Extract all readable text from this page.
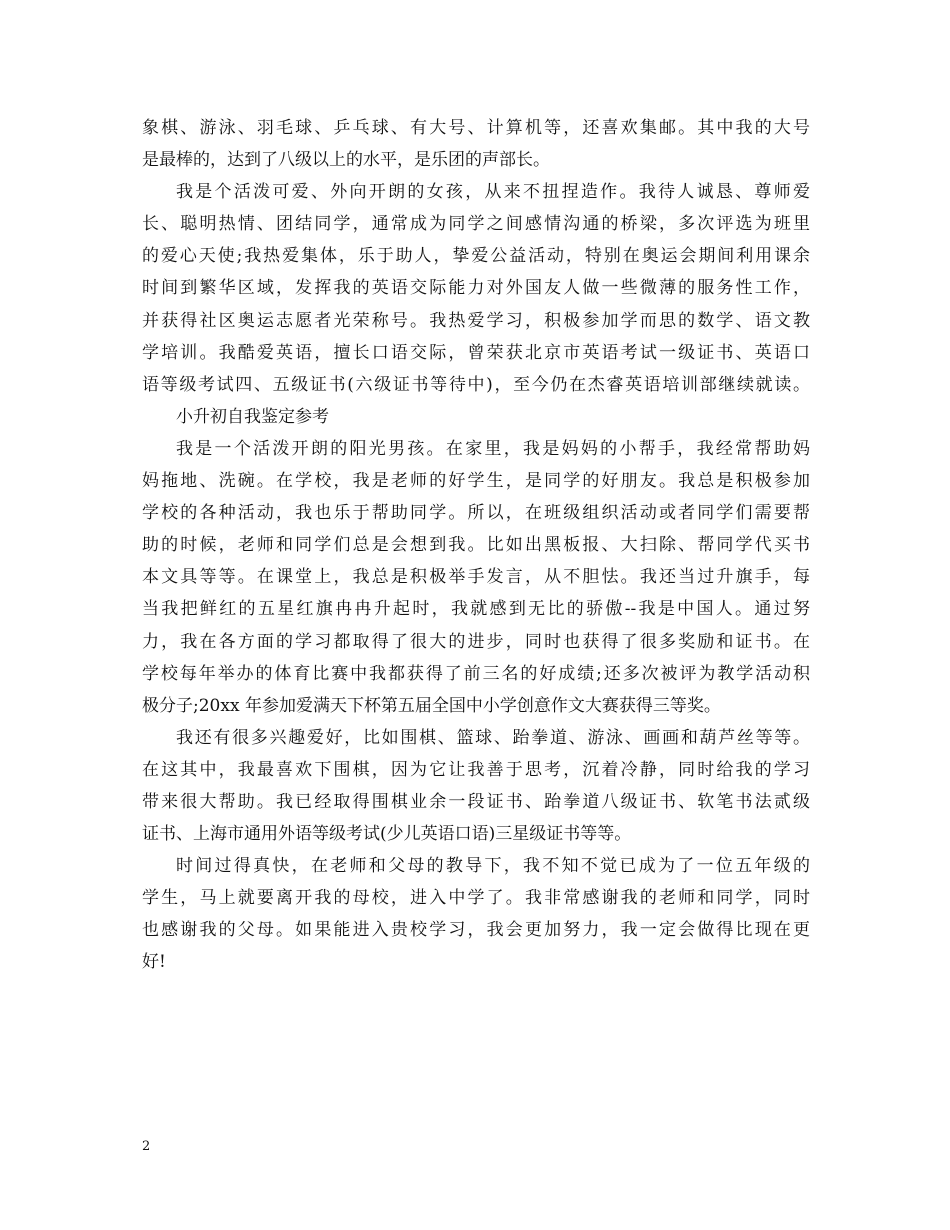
象棋、游泳、羽毛球、乒乓球、有大号、计算机等，还喜欢集邮。其中我的大号
是最棒的，达到了八级以上的水平，是乐团的声部长。
我是个活泼可爱、外向开朗的女孩，从来不扭捏造作。我待人诚恳、尊师爱
长、聪明热情、团结同学，通常成为同学之间感情沟通的桥梁，多次评选为班里
的爱心天使;我热爱集体，乐于助人，挚爱公益活动，特别在奥运会期间利用课余
时间到繁华区域，发挥我的英语交际能力对外国友人做一些微薄的服务性工作，
并获得社区奥运志愿者光荣称号。我热爱学习，积极参加学而思的数学、语文教
学培训。我酷爱英语，擅长口语交际，曾荣获北京市英语考试一级证书、英语口
语等级考试四、五级证书(六级证书等待中)，至今仍在杰睿英语培训部继续就读。
小升初自我鉴定参考
我是一个活泼开朗的阳光男孩。在家里，我是妈妈的小帮手，我经常帮助妈
妈拖地、洗碗。在学校，我是老师的好学生，是同学的好朋友。我总是积极参加
学校的各种活动，我也乐于帮助同学。所以，在班级组织活动或者同学们需要帮
助的时候，老师和同学们总是会想到我。比如出黑板报、大扫除、帮同学代买书
本文具等等。在课堂上，我总是积极举手发言，从不胆怯。我还当过升旗手，每
当我把鲜红的五星红旗冉冉升起时，我就感到无比的骄傲--我是中国人。通过努
力，我在各方面的学习都取得了很大的进步，同时也获得了很多奖励和证书。在
学校每年举办的体育比赛中我都获得了前三名的好成绩;还多次被评为教学活动积
极分子;20xx 年参加爱满天下杯第五届全国中小学创意作文大赛获得三等奖。
我还有很多兴趣爱好，比如围棋、篮球、跆拳道、游泳、画画和葫芦丝等等。
在这其中，我最喜欢下围棋，因为它让我善于思考，沉着冷静，同时给我的学习
带来很大帮助。我已经取得围棋业余一段证书、跆拳道八级证书、软笔书法贰级
证书、上海市通用外语等级考试(少儿英语口语)三星级证书等等。
时间过得真快，在老师和父母的教导下，我不知不觉已成为了一位五年级的
学生，马上就要离开我的母校，进入中学了。我非常感谢我的老师和同学，同时
也感谢我的父母。如果能进入贵校学习，我会更加努力，我一定会做得比现在更
好!
2
